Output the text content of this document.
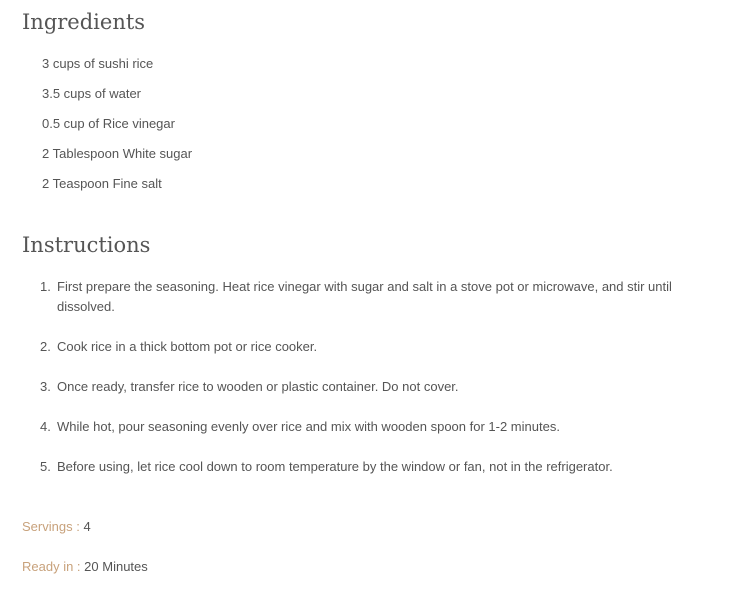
Ingredients
3 cups of sushi rice
3.5 cups of water
0.5 cup of Rice vinegar
2 Tablespoon White sugar
2 Teaspoon Fine salt
Instructions
1. First prepare the seasoning. Heat rice vinegar with sugar and salt in a stove pot or microwave, and stir until dissolved.
2. Cook rice in a thick bottom pot or rice cooker.
3. Once ready, transfer rice to wooden or plastic container. Do not cover.
4. While hot, pour seasoning evenly over rice and mix with wooden spoon for 1-2 minutes.
5. Before using, let rice cool down to room temperature by the window or fan, not in the refrigerator.
Servings : 4
Ready in : 20 Minutes
